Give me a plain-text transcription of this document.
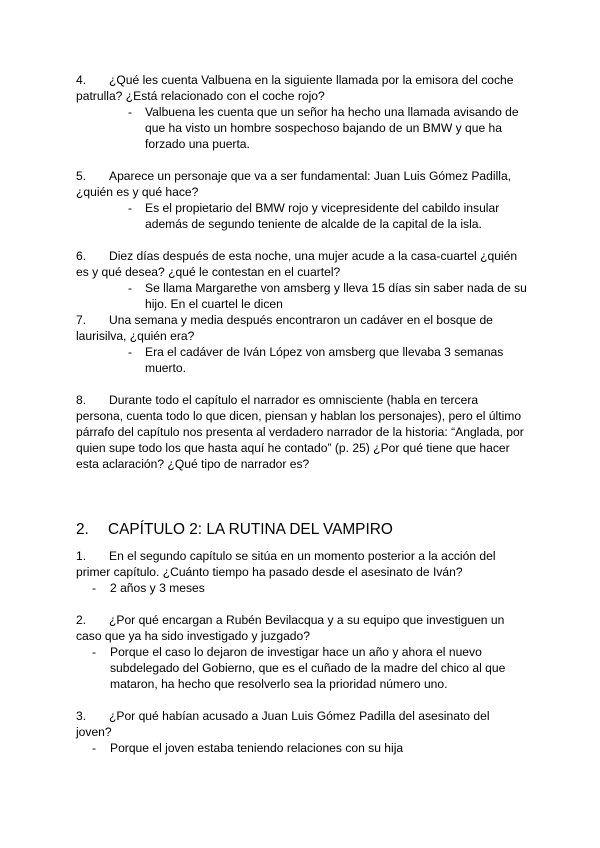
4. ¿Qué les cuenta Valbuena en la siguiente llamada por la emisora del coche
patrulla? ¿Está relacionado con el coche rojo?
- Valbuena les cuenta que un señor ha hecho una llamada avisando de
que ha visto un hombre sospechoso bajando de un BMW y que ha
forzado una puerta.
5. Aparece un personaje que va a ser fundamental: Juan Luis Gómez Padilla,
¿quién es y qué hace?
- Es el propietario del BMW rojo y vicepresidente del cabildo insular
además de segundo teniente de alcalde de la capital de la isla.
6. Diez días después de esta noche, una mujer acude a la casa-cuartel ¿quién
es y qué desea? ¿qué le contestan en el cuartel?
- Se llama Margarethe von amsberg y lleva 15 días sin saber nada de su
hijo. En el cuartel le dicen
7. Una semana y media después encontraron un cadáver en el bosque de
laurisilva, ¿quién era?
- Era el cadáver de Iván López von amsberg que llevaba 3 semanas
muerto.
8. Durante todo el capítulo el narrador es omnisciente (habla en tercera
persona, cuenta todo lo que dicen, piensan y hablan los personajes), pero el último
párrafo del capítulo nos presenta al verdadero narrador de la historia: “Anglada, por
quien supe todo los que hasta aquí he contado” (p. 25) ¿Por qué tiene que hacer
esta aclaración? ¿Qué tipo de narrador es?
2. CAPÍTULO 2: LA RUTINA DEL VAMPIRO
1. En el segundo capítulo se sitúa en un momento posterior a la acción del
primer capítulo. ¿Cuánto tiempo ha pasado desde el asesinato de Iván?
- 2 años y 3 meses
2. ¿Por qué encargan a Rubén Bevilacqua y a su equipo que investiguen un
caso que ya ha sido investigado y juzgado?
- Porque el caso lo dejaron de investigar hace un año y ahora el nuevo
subdelegado del Gobierno, que es el cuñado de la madre del chico al que
mataron, ha hecho que resolverlo sea la prioridad número uno.
3. ¿Por qué habían acusado a Juan Luis Gómez Padilla del asesinato del
joven?
- Porque el joven estaba teniendo relaciones con su hija
